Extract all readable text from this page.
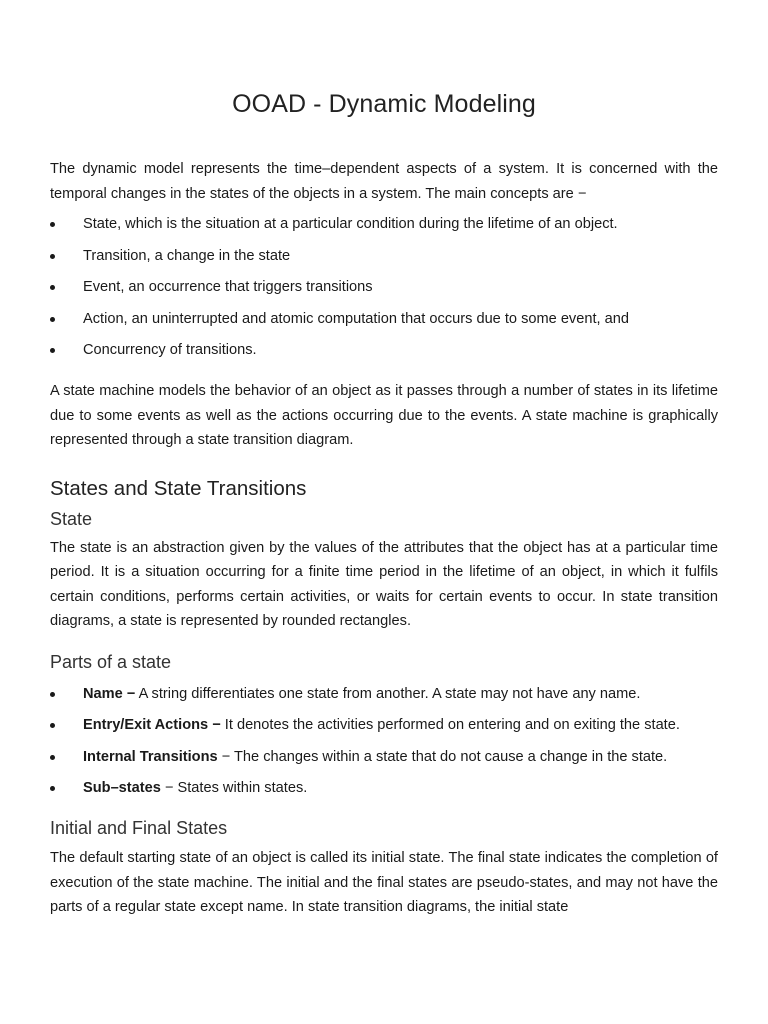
OOAD - Dynamic Modeling

The dynamic model represents the time–dependent aspects of a system. It is concerned with the temporal changes in the states of the objects in a system. The main concepts are −

State, which is the situation at a particular condition during the lifetime of an object.
Transition, a change in the state
Event, an occurrence that triggers transitions
Action, an uninterrupted and atomic computation that occurs due to some event, and
Concurrency of transitions.

A state machine models the behavior of an object as it passes through a number of states in its lifetime due to some events as well as the actions occurring due to the events. A state machine is graphically represented through a state transition diagram.

States and State Transitions
State

The state is an abstraction given by the values of the attributes that the object has at a particular time period. It is a situation occurring for a finite time period in the lifetime of an object, in which it fulfils certain conditions, performs certain activities, or waits for certain events to occur. In state transition diagrams, a state is represented by rounded rectangles.

Parts of a state
Name − A string differentiates one state from another. A state may not have any name.
Entry/Exit Actions − It denotes the activities performed on entering and on exiting the state.
Internal Transitions − The changes within a state that do not cause a change in the state.
Sub–states − States within states.
Initial and Final States

The default starting state of an object is called its initial state. The final state indicates the completion of execution of the state machine. The initial and the final states are pseudo-states, and may not have the parts of a regular state except name. In state transition diagrams, the initial state
